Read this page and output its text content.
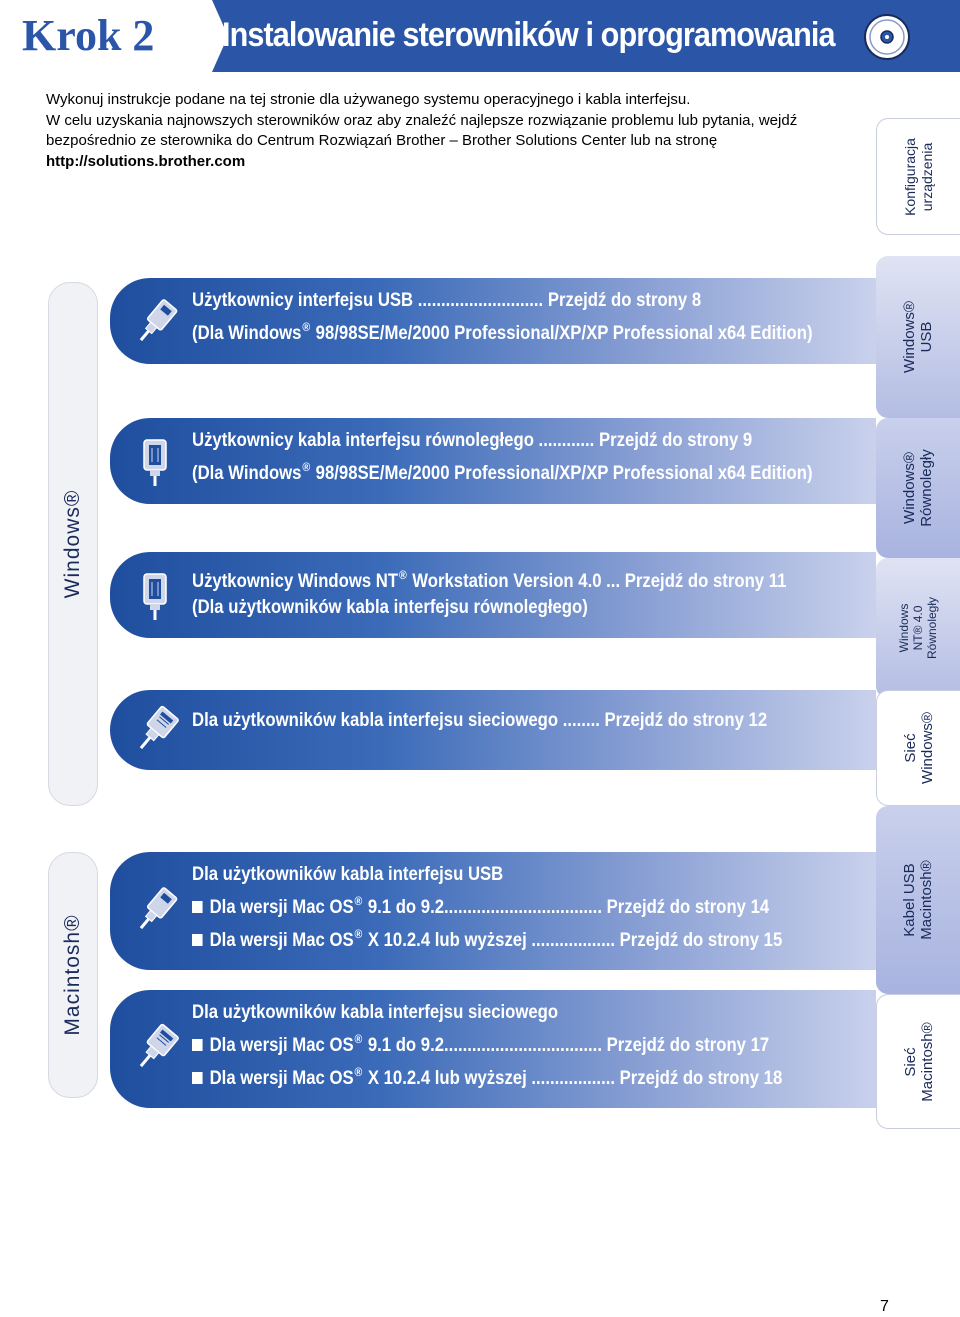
Krok 2 Instalowanie sterowników i oprogramowania
Wykonuj instrukcje podane na tej stronie dla używanego systemu operacyjnego i kabla interfejsu.
W celu uzyskania najnowszych sterowników oraz aby znaleźć najlepsze rozwiązanie problemu lub pytania, wejdź bezpośrednio ze sterownika do Centrum Rozwiązań Brother – Brother Solutions Center lub na stronę
http://solutions.brother.com	Konfiguracja urządzenia
Windows® USB
Windows® Równoległy
Windows NT® 4.0 Równoległy
Sieć Windows®
Kabel USB Macintosh®
Sieć Macintosh®
Windows®
Macintosh®
Użytkownicy interfejsu USB ........................... Przejdź do strony 8
(Dla Windows® 98/98SE/Me/2000 Professional/XP/XP Professional x64 Edition)
Użytkownicy kabla interfejsu równoległego ............ Przejdź do strony 9
(Dla Windows® 98/98SE/Me/2000 Professional/XP/XP Professional x64 Edition)
Użytkownicy Windows NT® Workstation Version 4.0 ... Przejdź do strony 11
(Dla użytkowników kabla interfejsu równoległego)
Dla użytkowników kabla interfejsu sieciowego ........ Przejdź do strony 12
Dla użytkowników kabla interfejsu USB
Dla wersji Mac OS® 9.1 do 9.2.................................. Przejdź do strony 14
Dla wersji Mac OS® X 10.2.4 lub wyższej .................. Przejdź do strony 15
Dla użytkowników kabla interfejsu sieciowego
Dla wersji Mac OS® 9.1 do 9.2.................................. Przejdź do strony 17
Dla wersji Mac OS® X 10.2.4 lub wyższej .................. Przejdź do strony 18
7
